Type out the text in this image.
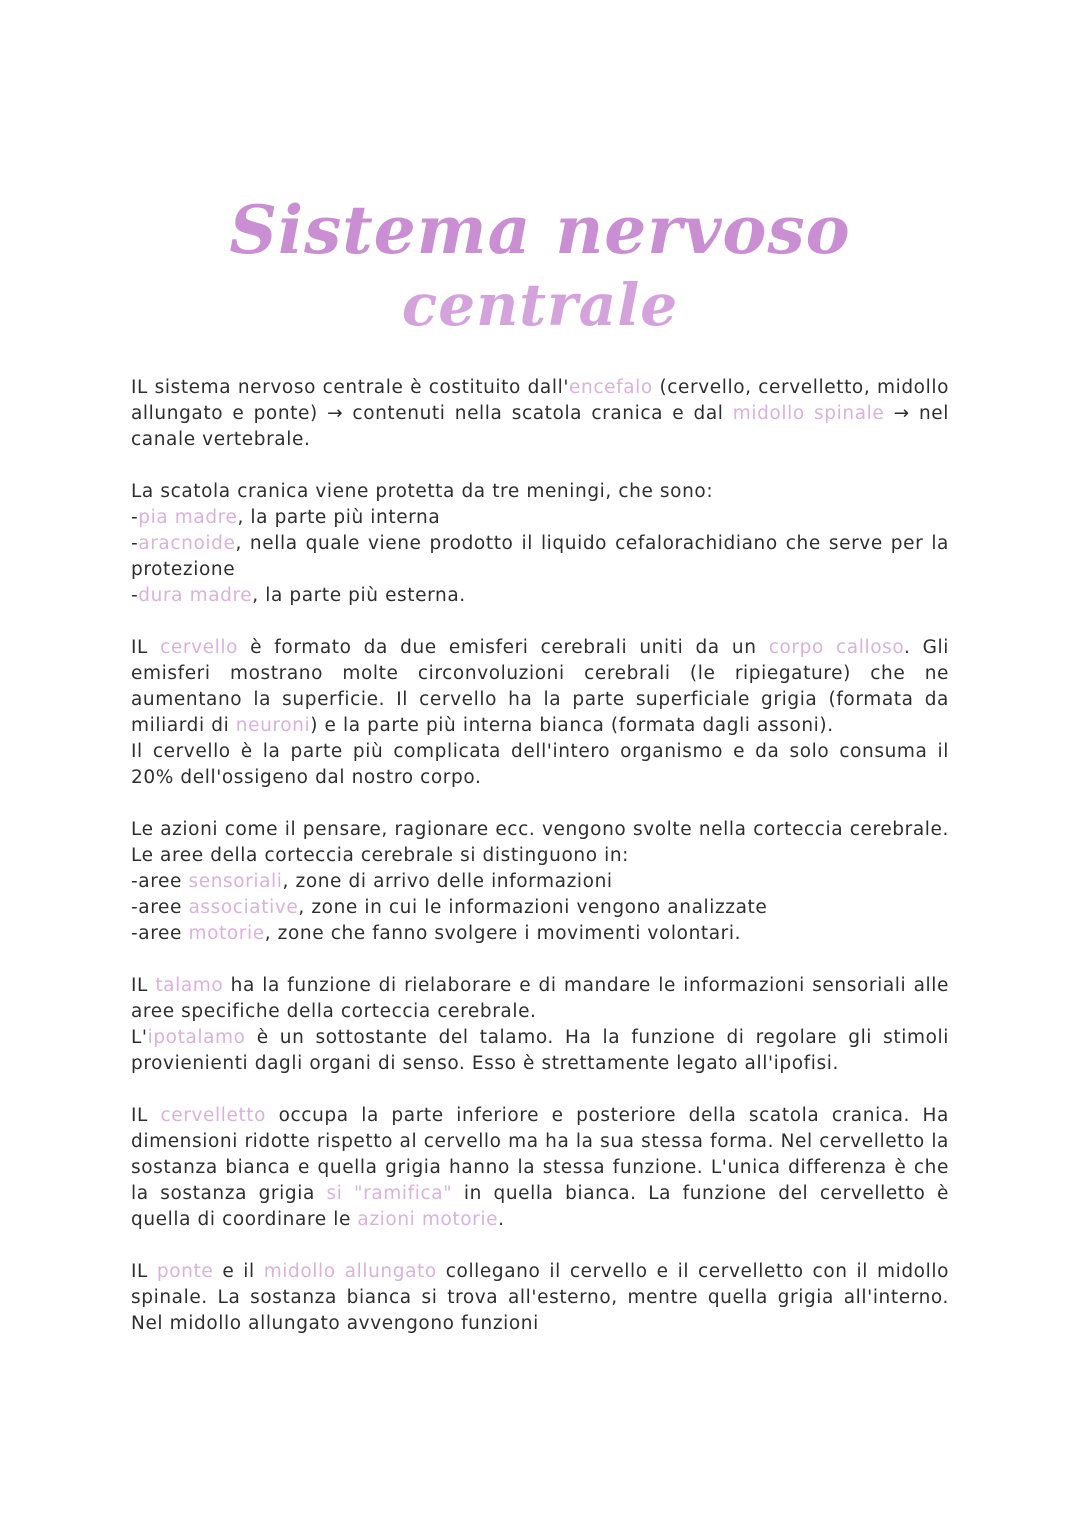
Sistema nervoso
centrale
IL sistema nervoso centrale è costituito dall'encefalo (cervello, cervelletto, midollo allungato e ponte) → contenuti nella scatola cranica e dal midollo spinale → nel canale vertebrale.
La scatola cranica viene protetta da tre meningi, che sono:
-pia madre, la parte più interna
-aracnoide, nella quale viene prodotto il liquido cefalorachidiano che serve per la protezione
-dura madre, la parte più esterna.
IL cervello è formato da due emisferi cerebrali uniti da un corpo calloso. Gli emisferi mostrano molte circonvoluzioni cerebrali (le ripiegature) che ne aumentano la superficie. Il cervello ha la parte superficiale grigia (formata da miliardi di neuroni) e la parte più interna bianca (formata dagli assoni).
Il cervello è la parte più complicata dell'intero organismo e da solo consuma il 20% dell'ossigeno dal nostro corpo.
Le azioni come il pensare, ragionare ecc. vengono svolte nella corteccia cerebrale. Le aree della corteccia cerebrale si distinguono in:
-aree sensoriali, zone di arrivo delle informazioni
-aree associative, zone in cui le informazioni vengono analizzate
-aree motorie, zone che fanno svolgere i movimenti volontari.
IL talamo ha la funzione di rielaborare e di mandare le informazioni sensoriali alle aree specifiche della corteccia cerebrale.
L'ipotalamo è un sottostante del talamo. Ha la funzione di regolare gli stimoli provienienti dagli organi di senso. Esso è strettamente legato all'ipofisi.
IL cervelletto occupa la parte inferiore e posteriore della scatola cranica. Ha dimensioni ridotte rispetto al cervello ma ha la sua stessa forma. Nel cervelletto la sostanza bianca e quella grigia hanno la stessa funzione. L'unica differenza è che la sostanza grigia si "ramifica" in quella bianca. La funzione del cervelletto è quella di coordinare le azioni motorie.
IL ponte e il midollo allungato collegano il cervello e il cervelletto con il midollo spinale. La sostanza bianca si trova all'esterno, mentre quella grigia all'interno. Nel midollo allungato avvengono funzioni
